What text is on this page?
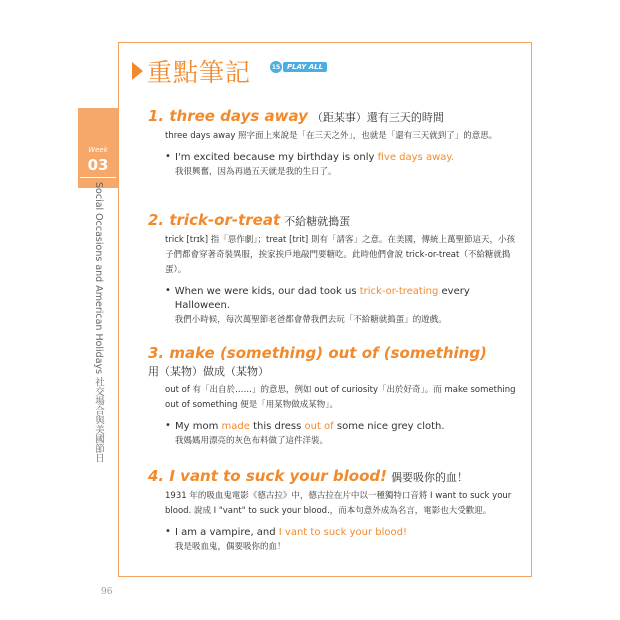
Week
03
Social Occasions and American Holidays 社交場合與美國節日
重點筆記	15 PLAY ALL
1. three days away （距某事）還有三天的時間
three days away 照字面上來說是「在三天之外」，也就是「還有三天就到了」的意思。
• I'm excited because my birthday is only five days away.
我很興奮，因為再過五天就是我的生日了。
2. trick-or-treat 不給糖就搗蛋
trick [trɪk] 指「惡作劇」；treat [trit] 則有「請客」之意。在美國，傳統上萬聖節這天，小孩子們都會穿著奇裝異服，挨家挨戶地敲門要糖吃。此時他們會說 trick-or-treat（不給糖就搗蛋）。
• When we were kids, our dad took us trick-or-treating every Halloween.
我們小時候，每次萬聖節老爸都會帶我們去玩「不給糖就搗蛋」的遊戲。
3. make (something) out of (something)
用（某物）做成（某物）
out of 有「出自於……」的意思，例如 out of curiosity「出於好奇」。而 make something out of something 便是「用某物做成某物」。
• My mom made this dress out of some nice grey cloth.
我媽媽用漂亮的灰色布料做了這件洋裝。
4. I vant to suck your blood! 偶要吸你的血！
1931 年的吸血鬼電影《德古拉》中，德古拉在片中以一種獨特口音將 I want to suck your blood. 說成 I "vant" to suck your blood.，而本句意外成為名言，電影也大受歡迎。
• I am a vampire, and I vant to suck your blood!
我是吸血鬼，偶要吸你的血！
96
